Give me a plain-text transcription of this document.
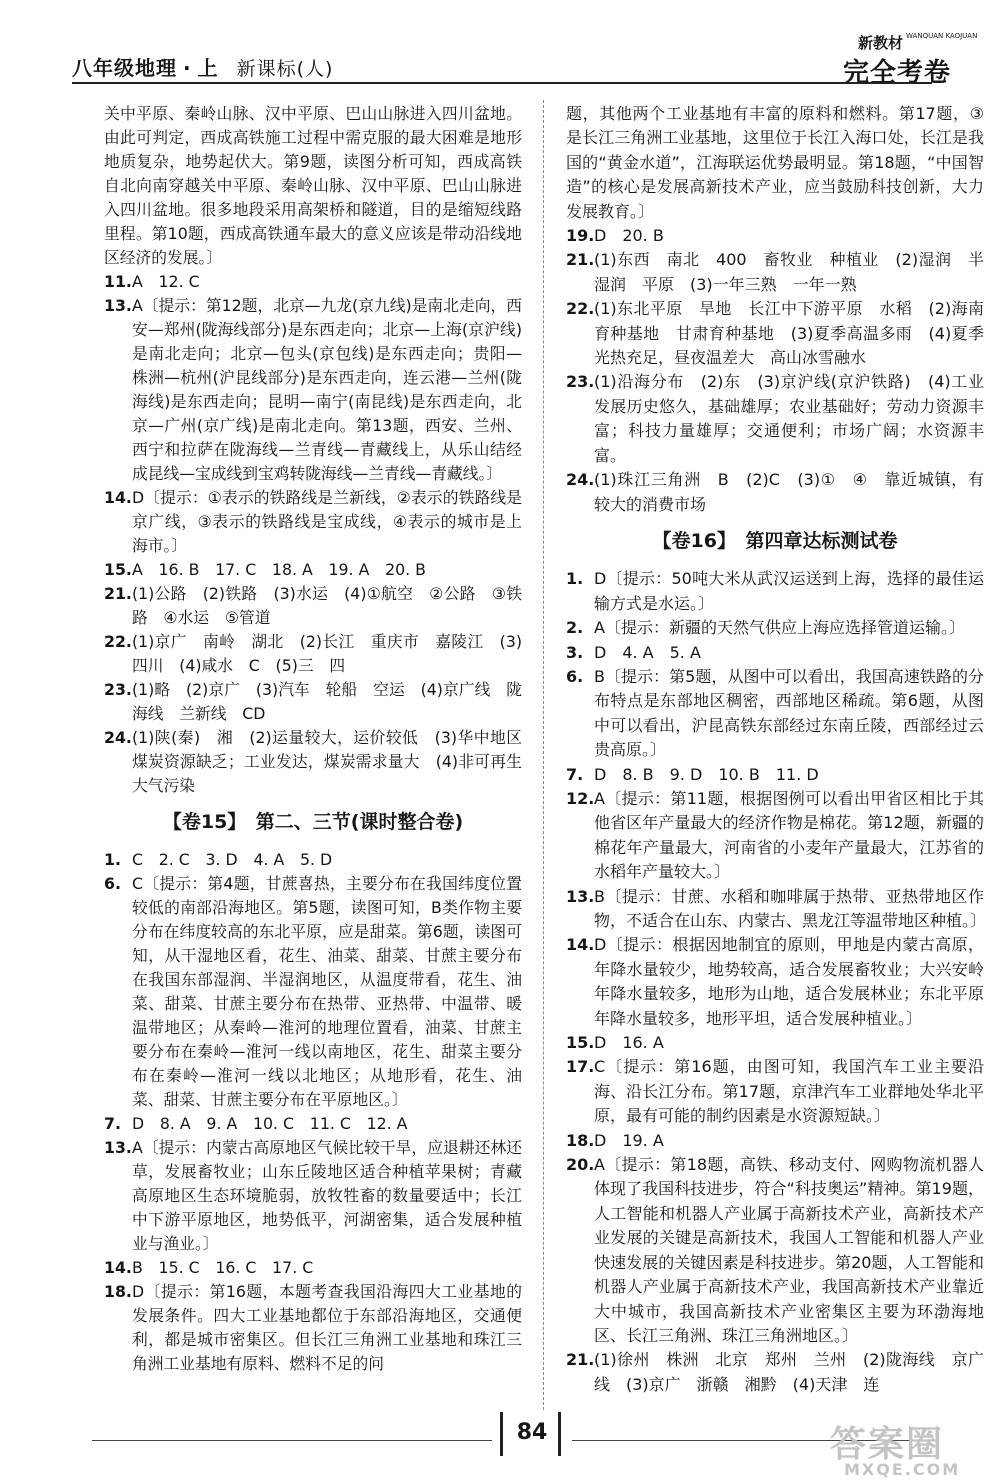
八年级地理 · 上 新课标(人)
新教材 WANQUAN KAOJUAN
完全考卷
关中平原、秦岭山脉、汉中平原、巴山山脉进入四川盆地。由此可判定，西成高铁施工过程中需克服的最大困难是地形地质复杂，地势起伏大。第9题，读图分析可知，西成高铁自北向南穿越关中平原、秦岭山脉、汉中平原、巴山山脉进入四川盆地。很多地段采用高架桥和隧道，目的是缩短线路里程。第10题，西成高铁通车最大的意义应该是带动沿线地区经济的发展。〕
11. A　12. C
13. A〔提示：第12题，北京—九龙(京九线)是南北走向，西安—郑州(陇海线部分)是东西走向；北京—上海(京沪线)是南北走向；北京—包头(京包线)是东西走向；贵阳—株洲—杭州(沪昆线部分)是东西走向，连云港—兰州(陇海线)是东西走向；昆明—南宁(南昆线)是东西走向，北京—广州(京广线)是南北走向。第13题，西安、兰州、西宁和拉萨在陇海线—兰青线—青藏线上，从乐山结经成昆线—宝成线到宝鸡转陇海线—兰青线—青藏线。〕
14. D〔提示：①表示的铁路线是兰新线，②表示的铁路线是京广线，③表示的铁路线是宝成线，④表示的城市是上海市。〕
15. A　16. B　17. C　18. A　19. A　20. B
21. (1)公路　(2)铁路　(3)水运　(4)①航空　②公路　③铁路　④水运　⑤管道
22. (1)京广　南岭　湖北　(2)长江　重庆市　嘉陵江　(3)四川　(4)咸水　C　(5)三　四
23. (1)略　(2)京广　(3)汽车　轮船　空运　(4)京广线　陇海线　兰新线　CD
24. (1)陕(秦)　湘　(2)运量较大，运价较低　(3)华中地区煤炭资源缺乏；工业发达，煤炭需求量大　(4)非可再生　大气污染
【卷15】　第二、三节(课时整合卷)
1. C　2. C　3. D　4. A　5. D
6. C〔提示：第4题，甘蔗喜热，主要分布在我国纬度位置较低的南部沿海地区。第5题，读图可知，B类作物主要分布在纬度较高的东北平原，应是甜菜。第6题，读图可知，从干湿地区看，花生、油菜、甜菜、甘蔗主要分布在我国东部湿润、半湿润地区，从温度带看，花生、油菜、甜菜、甘蔗主要分布在热带、亚热带、中温带、暖温带地区；从秦岭—淮河的地理位置看，油菜、甘蔗主要分布在秦岭—淮河一线以南地区，花生、甜菜主要分布在秦岭—淮河一线以北地区；从地形看，花生、油菜、甜菜、甘蔗主要分布在平原地区。〕
7. D　8. A　9. A　10. C　11. C　12. A
13. A〔提示：内蒙古高原地区气候比较干旱，应退耕还林还草，发展畜牧业；山东丘陵地区适合种植苹果树；青藏高原地区生态环境脆弱，放牧牲畜的数量要适中；长江中下游平原地区，地势低平，河湖密集，适合发展种植业与渔业。〕
14. B　15. C　16. C　17. C
18. D〔提示：第16题，本题考查我国沿海四大工业基地的发展条件。四大工业基地都位于东部沿海地区，交通便利，都是城市密集区。但长江三角洲工业基地和珠江三角洲工业基地有原料、燃料不足的问
题，其他两个工业基地有丰富的原料和燃料。第17题，③是长江三角洲工业基地，这里位于长江入海口处，长江是我国的“黄金水道”，江海联运优势最明显。第18题，“中国智造”的核心是发展高新技术产业，应当鼓励科技创新，大力发展教育。〕
19. D　20. B
21. (1)东西　南北　400　畜牧业　种植业　(2)湿润　半湿润　平原　(3)一年三熟　一年一熟
22. (1)东北平原　旱地　长江中下游平原　水稻　(2)海南育种基地　甘肃育种基地　(3)夏季高温多雨　(4)夏季光热充足，昼夜温差大　高山冰雪融水
23. (1)沿海分布　(2)东　(3)京沪线(京沪铁路)　(4)工业发展历史悠久，基础雄厚；农业基础好；劳动力资源丰富；科技力量雄厚；交通便利；市场广阔；水资源丰富。
24. (1)珠江三角洲　B　(2)C　(3)①　④　靠近城镇，有较大的消费市场
【卷16】　第四章达标测试卷
1. D〔提示：50吨大米从武汉运送到上海，选择的最佳运输方式是水运。〕
2. A〔提示：新疆的天然气供应上海应选择管道运输。〕
3. D　4. A　5. A
6. B〔提示：第5题，从图中可以看出，我国高速铁路的分布特点是东部地区稠密，西部地区稀疏。第6题，从图中可以看出，沪昆高铁东部经过东南丘陵，西部经过云贵高原。〕
7. D　8. B　9. D　10. B　11. D
12. A〔提示：第11题，根据图例可以看出甲省区相比于其他省区年产量最大的经济作物是棉花。第12题，新疆的棉花年产量最大，河南省的小麦年产量最大，江苏省的水稻年产量较大。〕
13. B〔提示：甘蔗、水稻和咖啡属于热带、亚热带地区作物，不适合在山东、内蒙古、黑龙江等温带地区种植。〕
14. D〔提示：根据因地制宜的原则，甲地是内蒙古高原，年降水量较少，地势较高，适合发展畜牧业；大兴安岭年降水量较多，地形为山地，适合发展林业；东北平原年降水量较多，地形平坦，适合发展种植业。〕
15. D　16. A
17. C〔提示：第16题，由图可知，我国汽车工业主要沿海、沿长江分布。第17题，京津汽车工业群地处华北平原，最有可能的制约因素是水资源短缺。〕
18. D　19. A
20. A〔提示：第18题，高铁、移动支付、网购物流机器人体现了我国科技进步，符合“科技奥运”精神。第19题，人工智能和机器人产业属于高新技术产业，高新技术产业发展的关键是高新技术，我国人工智能和机器人产业快速发展的关键因素是科技进步。第20题，人工智能和机器人产业属于高新技术产业，我国高新技术产业靠近大中城市，我国高新技术产业密集区主要为环渤海地区、长江三角洲、珠江三角洲地区。〕
21. (1)徐州　株洲　北京　郑州　兰州　(2)陇海线　京广线　(3)京广　浙赣　湘黔　(4)天津　连
84	答案圈
MXQE.COM
